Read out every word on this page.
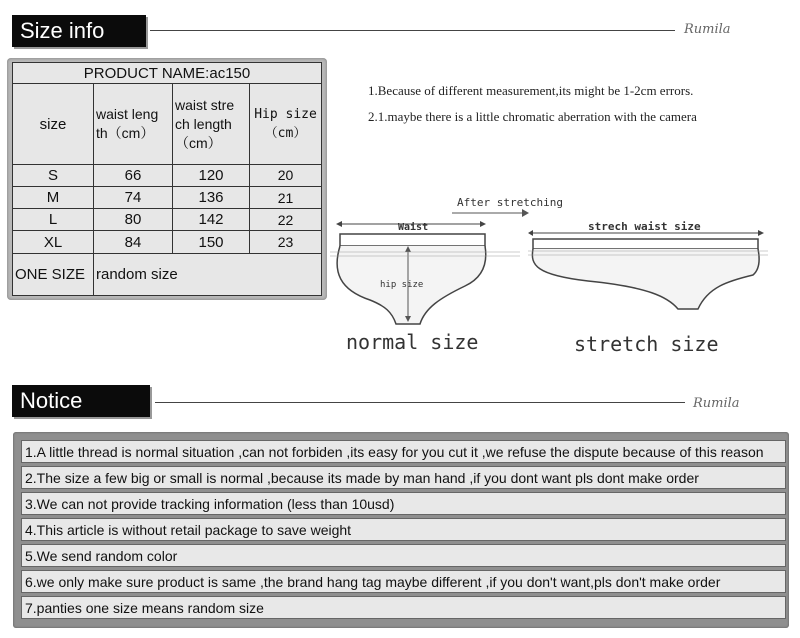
Size info	Rumila
PRODUCT NAME:ac150			
size	waist leng th（cm）	waist stre ch length （cm）	Hip size （cm）
S	66	120	20
M	74	136	21
L	80	142	22
XL	84	150	23
ONE SIZE	random size		
1.Because of different measurement,its might be 1-2cm errors.
2.1.maybe there is a little chromatic aberration with the camera
After stretching
Waist
hip size
strech waist size
normal size	stretch size
Notice	Rumila
1.A little thread is normal situation ,can not forbiden ,its easy for you cut it ,we refuse the dispute because of this reason
2.The size a few big or small is normal ,because its made by man hand ,if you dont want pls dont make order
3.We can not provide tracking information (less than 10usd)
4.This article is without retail package to save weight
5.We send random color
6.we only make sure product is same ,the brand hang tag maybe different ,if you don't want,pls don't make order
7.panties one size means random size
